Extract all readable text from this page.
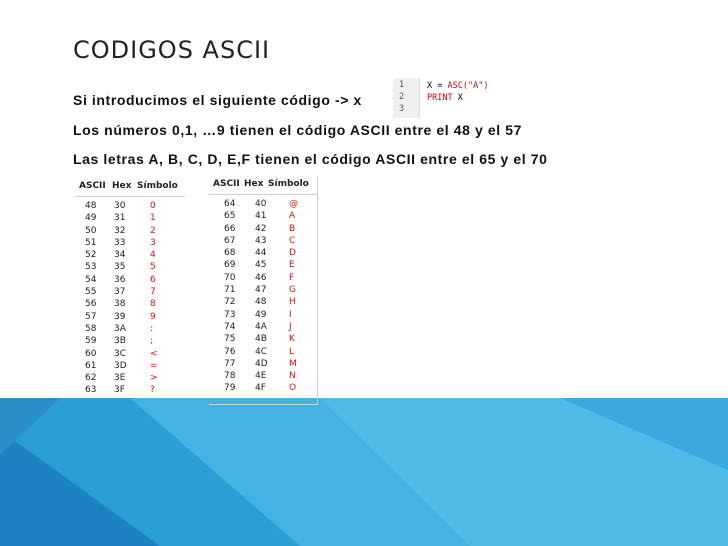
CODIGOS ASCII
Si introducimos el siguiente código -> x
Los números 0,1, …9 tienen el código ASCII entre el 48 y el 57
Las letras A, B, C, D, E,F tienen el código ASCII entre el 65 y el 70
1
2
3
X = ASC("A")
PRINT X
ASCII Hex Símbolo
48 30	0
49 31	1
50 32	2
51 33	3
52 34	4
53 35	5
54 36	6
55 37	7
56 38	8
57 39	9
58 3A	:
59 3B	;
60 3C	<
61 3D	=
62 3E	>
63 3F	?
ASCII Hex Símbolo
64 40	@
65 41	A
66 42	B
67 43	C
68 44	D
69 45	E
70 46	F
71 47	G
72 48	H
73 49	I
74 4A J
75 4B K
76 4C L
77 4D M
78 4E	N
79 4F	O
